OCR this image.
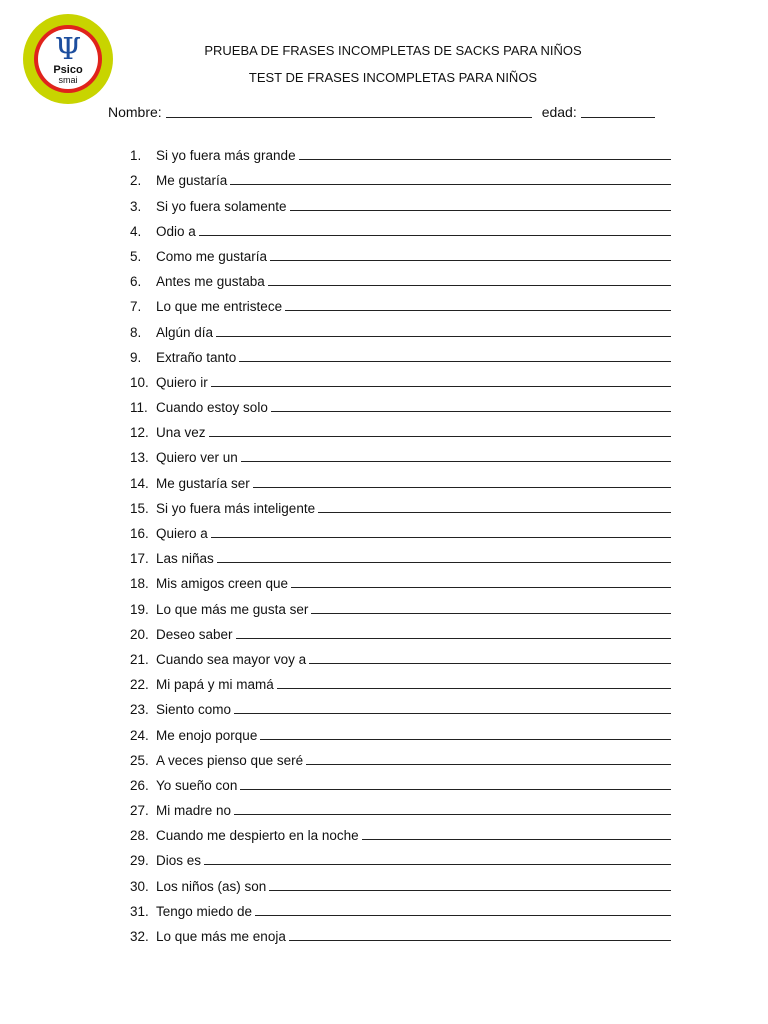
Ψ
Psico
smai
PRUEBA DE FRASES INCOMPLETAS DE SACKS PARA NIÑOS
TEST DE FRASES INCOMPLETAS PARA NIÑOS
Nombre:	edad:
1.	Si yo fuera más grande
2.	Me gustaría
3.	Si yo fuera solamente
4.	Odio a
5.	Como me gustaría
6.	Antes me gustaba
7.	Lo que me entristece
8.	Algún día
9.	Extraño tanto
10. Quiero ir
11. Cuando estoy solo
12. Una vez
13. Quiero ver un
14. Me gustaría ser
15. Si yo fuera más inteligente
16. Quiero a
17. Las niñas
18. Mis amigos creen que
19. Lo que más me gusta ser
20. Deseo saber
21. Cuando sea mayor voy a
22. Mi papá y mi mamá
23. Siento como
24. Me enojo porque
25. A veces pienso que seré
26. Yo sueño con
27. Mi madre no
28. Cuando me despierto en la noche
29. Dios es
30. Los niños (as) son
31. Tengo miedo de
32. Lo que más me enoja
